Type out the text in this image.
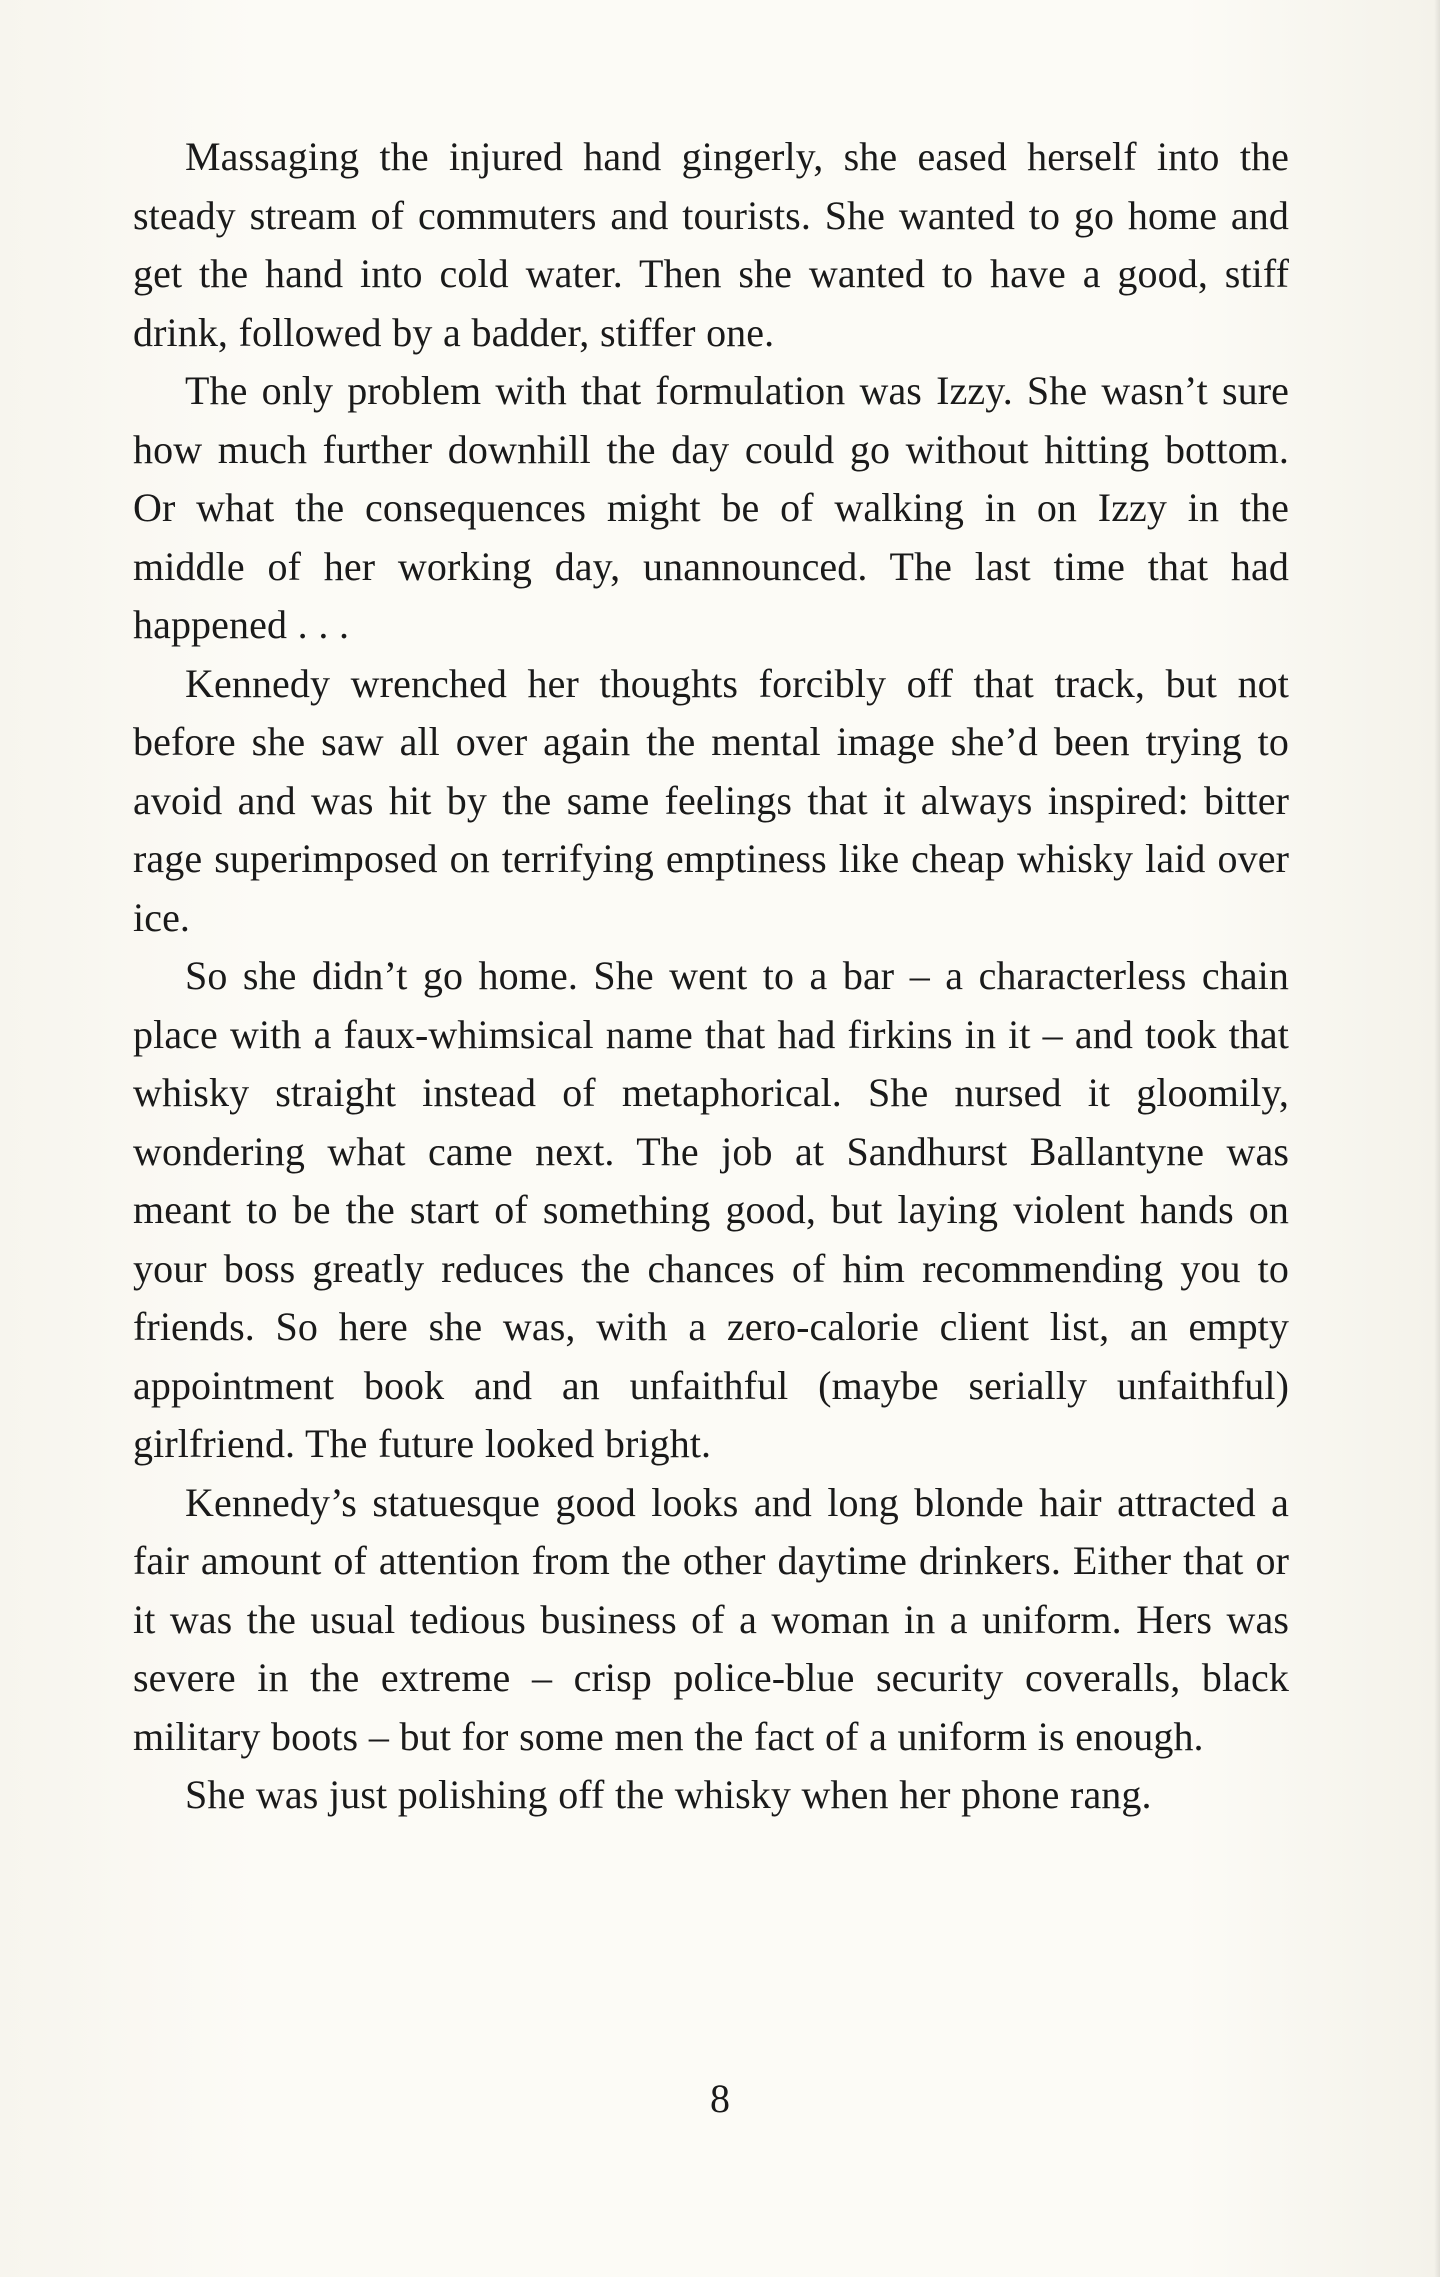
Massaging the injured hand gingerly, she eased herself into the steady stream of commuters and tourists. She wanted to go home and get the hand into cold water. Then she wanted to have a good, stiff drink, followed by a badder, stiffer one.

The only problem with that formulation was Izzy. She wasn’t sure how much further downhill the day could go without hitting bottom. Or what the consequences might be of walking in on Izzy in the middle of her working day, unannounced. The last time that had happened . . .

Kennedy wrenched her thoughts forcibly off that track, but not before she saw all over again the mental image she’d been trying to avoid and was hit by the same feelings that it always inspired: bitter rage superimposed on terrifying emptiness like cheap whisky laid over ice.

So she didn’t go home. She went to a bar – a characterless chain place with a faux-whimsical name that had firkins in it – and took that whisky straight instead of metaphorical. She nursed it gloomily, wondering what came next. The job at Sandhurst Ballantyne was meant to be the start of something good, but laying violent hands on your boss greatly reduces the chances of him recommending you to friends. So here she was, with a zero-calorie client list, an empty appointment book and an unfaithful (maybe serially unfaithful) girlfriend. The future looked bright.

Kennedy’s statuesque good looks and long blonde hair attracted a fair amount of attention from the other daytime drinkers. Either that or it was the usual tedious business of a woman in a uniform. Hers was severe in the extreme – crisp police-blue security coveralls, black military boots – but for some men the fact of a uniform is enough.

She was just polishing off the whisky when her phone rang.

8
